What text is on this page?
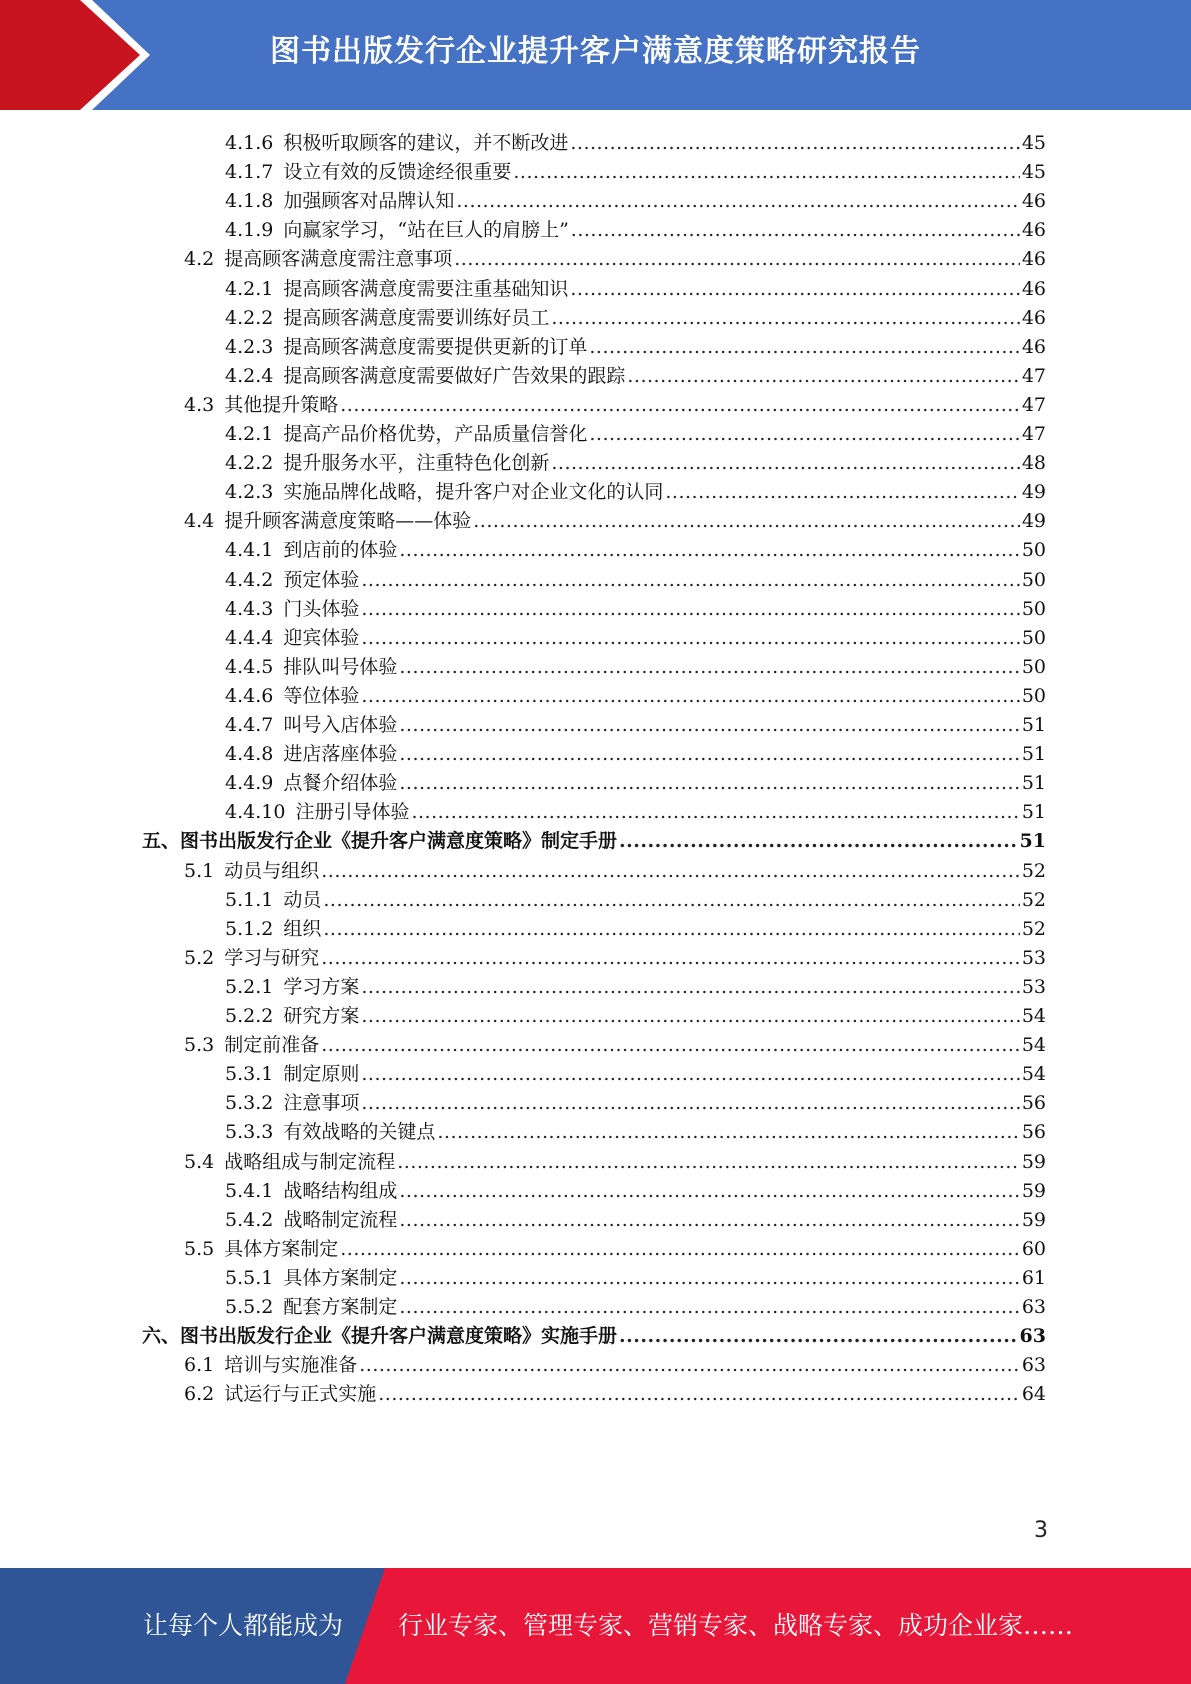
图书出版发行企业提升客户满意度策略研究报告
4.1.6 积极听取顾客的建议，并不断改进 .....	45
4.1.7 设立有效的反馈途经很重要 .....	45
4.1.8 加强顾客对品牌认知 .....	46
4.1.9 向赢家学习，“站在巨人的肩膀上” .....	46
4.2 提高顾客满意度需注意事项 .....	46
4.2.1 提高顾客满意度需要注重基础知识 .....	46
4.2.2 提高顾客满意度需要训练好员工 .....	46
4.2.3 提高顾客满意度需要提供更新的订单 .....	46
4.2.4 提高顾客满意度需要做好广告效果的跟踪 .....	47
4.3 其他提升策略 .....	47
4.2.1 提高产品价格优势，产品质量信誉化 .....	47
4.2.2 提升服务水平，注重特色化创新 .....	48
4.2.3 实施品牌化战略，提升客户对企业文化的认同 .....	49
4.4 提升顾客满意度策略——体验 .....	49
4.4.1 到店前的体验 .....	50
4.4.2 预定体验 .....	50
4.4.3 门头体验 .....	50
4.4.4 迎宾体验 .....	50
4.4.5 排队叫号体验 .....	50
4.4.6 等位体验 .....	50
4.4.7 叫号入店体验 .....	51
4.4.8 进店落座体验 .....	51
4.4.9 点餐介绍体验 .....	51
4.4.10 注册引导体验 .....	51
五、图书出版发行企业《提升客户满意度策略》制定手册 .....	51
5.1 动员与组织 .....	52
5.1.1 动员 .....	52
5.1.2 组织 .....	52
5.2 学习与研究 .....	53
5.2.1 学习方案 .....	53
5.2.2 研究方案 .....	54
5.3 制定前准备 .....	54
5.3.1 制定原则 .....	54
5.3.2 注意事项 .....	56
5.3.3 有效战略的关键点 .....	56
5.4 战略组成与制定流程 .....	59
5.4.1 战略结构组成 .....	59
5.4.2 战略制定流程 .....	59
5.5 具体方案制定 .....	60
5.5.1 具体方案制定 .....	61
5.5.2 配套方案制定 .....	63
六、图书出版发行企业《提升客户满意度策略》实施手册 .....	63
6.1 培训与实施准备 .....	63
6.2 试运行与正式实施 .....	64
3
让每个人都能成为 行业专家、管理专家、营销专家、战略专家、成功企业家……
